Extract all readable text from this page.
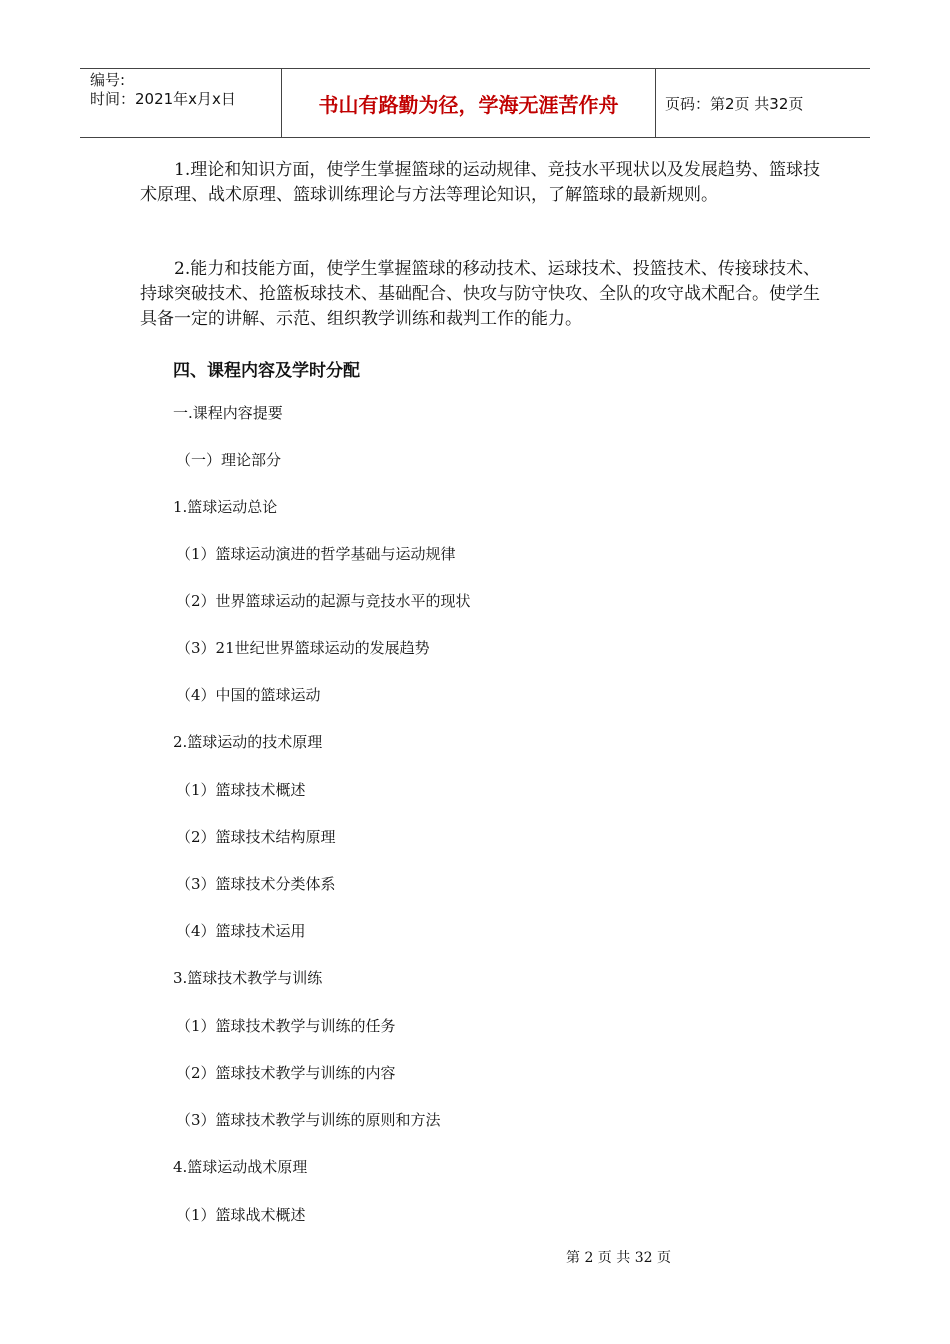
编号:
时间：2021年x月x日	书山有路勤为径，学海无涯苦作舟	页码：第2页 共32页

1.理论和知识方面，使学生掌握篮球的运动规律、竞技水平现状以及发展趋势、篮球技术原理、战术原理、篮球训练理论与方法等理论知识，了解篮球的最新规则。

2.能力和技能方面，使学生掌握篮球的移动技术、运球技术、投篮技术、传接球技术、持球突破技术、抢篮板球技术、基础配合、快攻与防守快攻、全队的攻守战术配合。使学生具备一定的讲解、示范、组织教学训练和裁判工作的能力。

四、课程内容及学时分配

一.课程内容提要

（一）理论部分

1.篮球运动总论

（1）篮球运动演进的哲学基础与运动规律

（2）世界篮球运动的起源与竞技水平的现状

（3）21世纪世界篮球运动的发展趋势

（4）中国的篮球运动

2.篮球运动的技术原理

（1）篮球技术概述

（2）篮球技术结构原理

（3）篮球技术分类体系

（4）篮球技术运用

3.篮球技术教学与训练

（1）篮球技术教学与训练的任务

（2）篮球技术教学与训练的内容

（3）篮球技术教学与训练的原则和方法

4.篮球运动战术原理

（1）篮球战术概述

第 2 页 共 32 页
